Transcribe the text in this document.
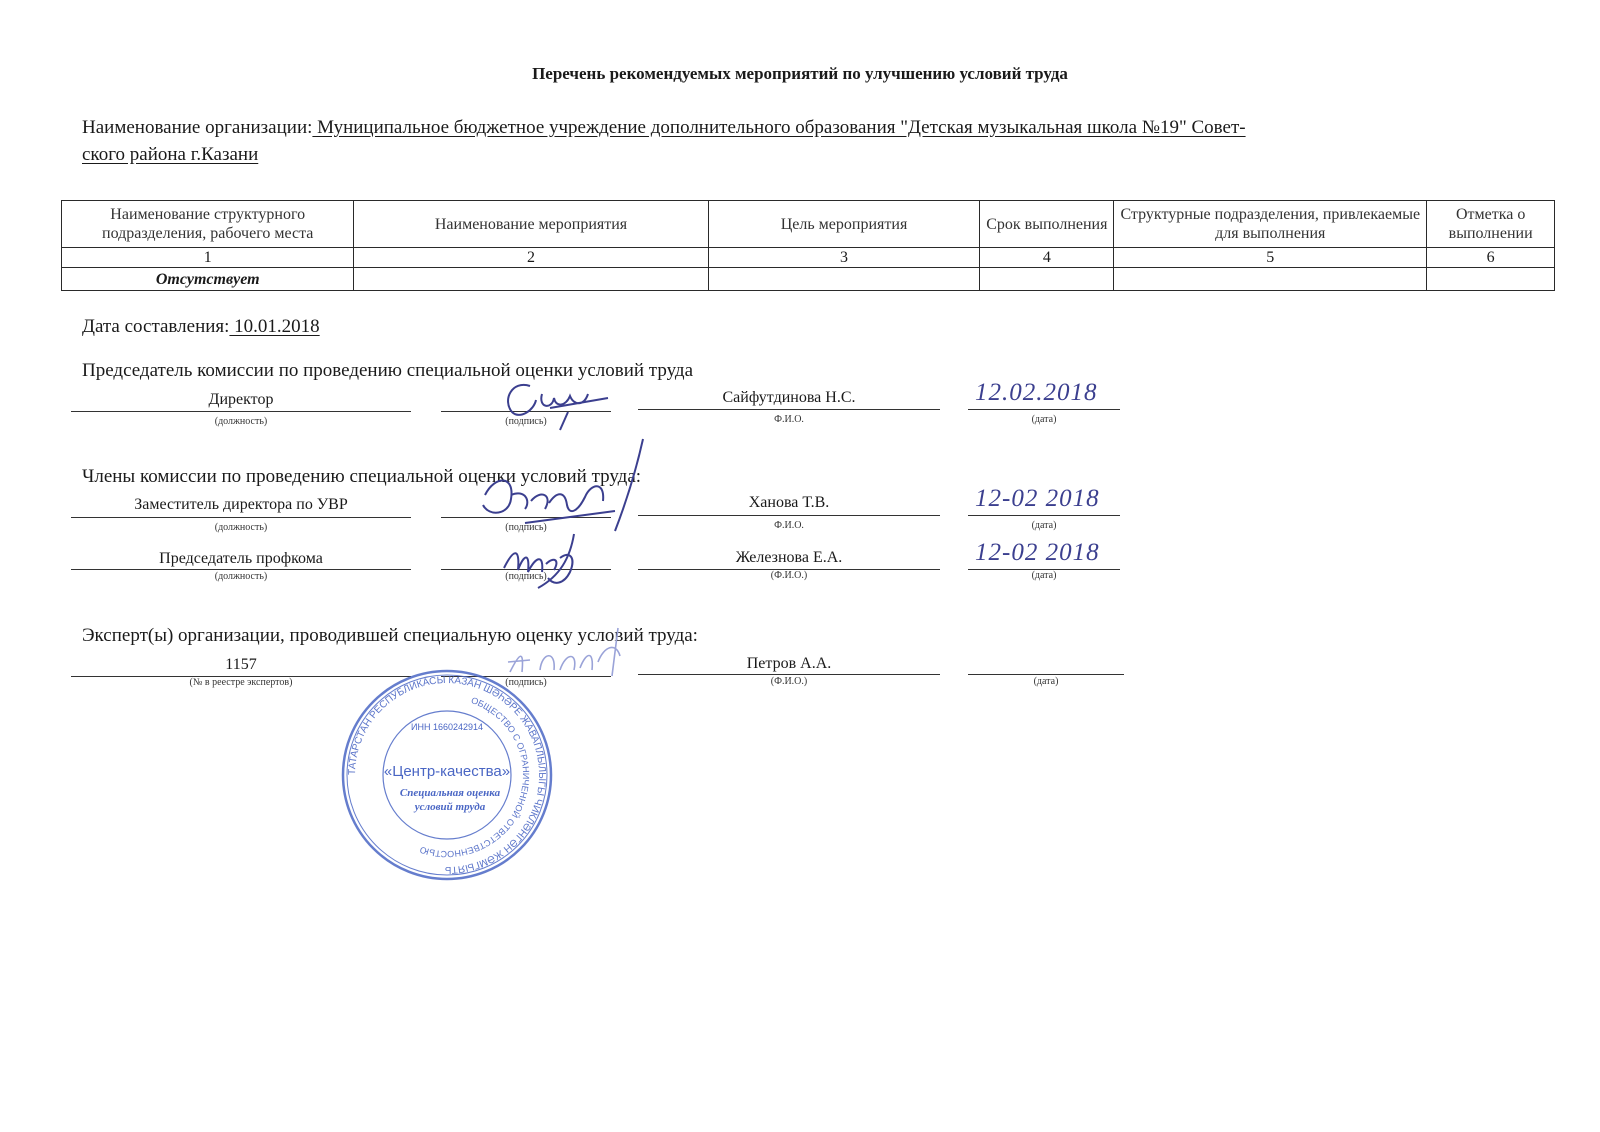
Перечень рекомендуемых мероприятий по улучшению условий труда
Наименование организации: Муниципальное бюджетное учреждение дополнительного образования "Детская музыкальная школа №19" Совет-
ского района г.Казани
Наименование структурного подразделения, рабочего места	Наименование мероприятия	Цель мероприятия	Срок выполнения	Структурные подразделения, привлекаемые для выполнения	Отметка о выполнении
1	2	3	4	5	6
Отсутствует					
Дата составления: 10.01.2018
Председатель комиссии по проведению специальной оценки условий труда
Директор
(должность)	(подпись)
Сайфутдинова Н.С.
Ф.И.О.
12.02.2018
(дата)
Члены комиссии по проведению специальной оценки условий труда:
Заместитель директора по УВР
(должность)	(подпись)
Ханова Т.В.
Ф.И.О.
12-02 2018
(дата)
Председатель профкома
(должность)	(подпись)
Железнова Е.А.
(Ф.И.О.)
12-02 2018
(дата)
Эксперт(ы) организации, проводившей специальную оценку условий труда:
1157
(№ в реестре экспертов)	(подпись)
Петров А.А.
(Ф.И.О.)	(дата)
ТАТАРСТАН РЕСПУБЛИКАСЫ КАЗАН ШӘҺӘРЕ ЖАВАПЛЫЛЫГЫ ЧИКЛӘНГӘН ЖӘМГЫЯТЬ
ОБЩЕСТВО С ОГРАНИЧЕННОЙ ОТВЕТСТВЕННОСТЬЮ
ИНН 1660242914
«Центр-качества»
Специальная оценка
условий труда
